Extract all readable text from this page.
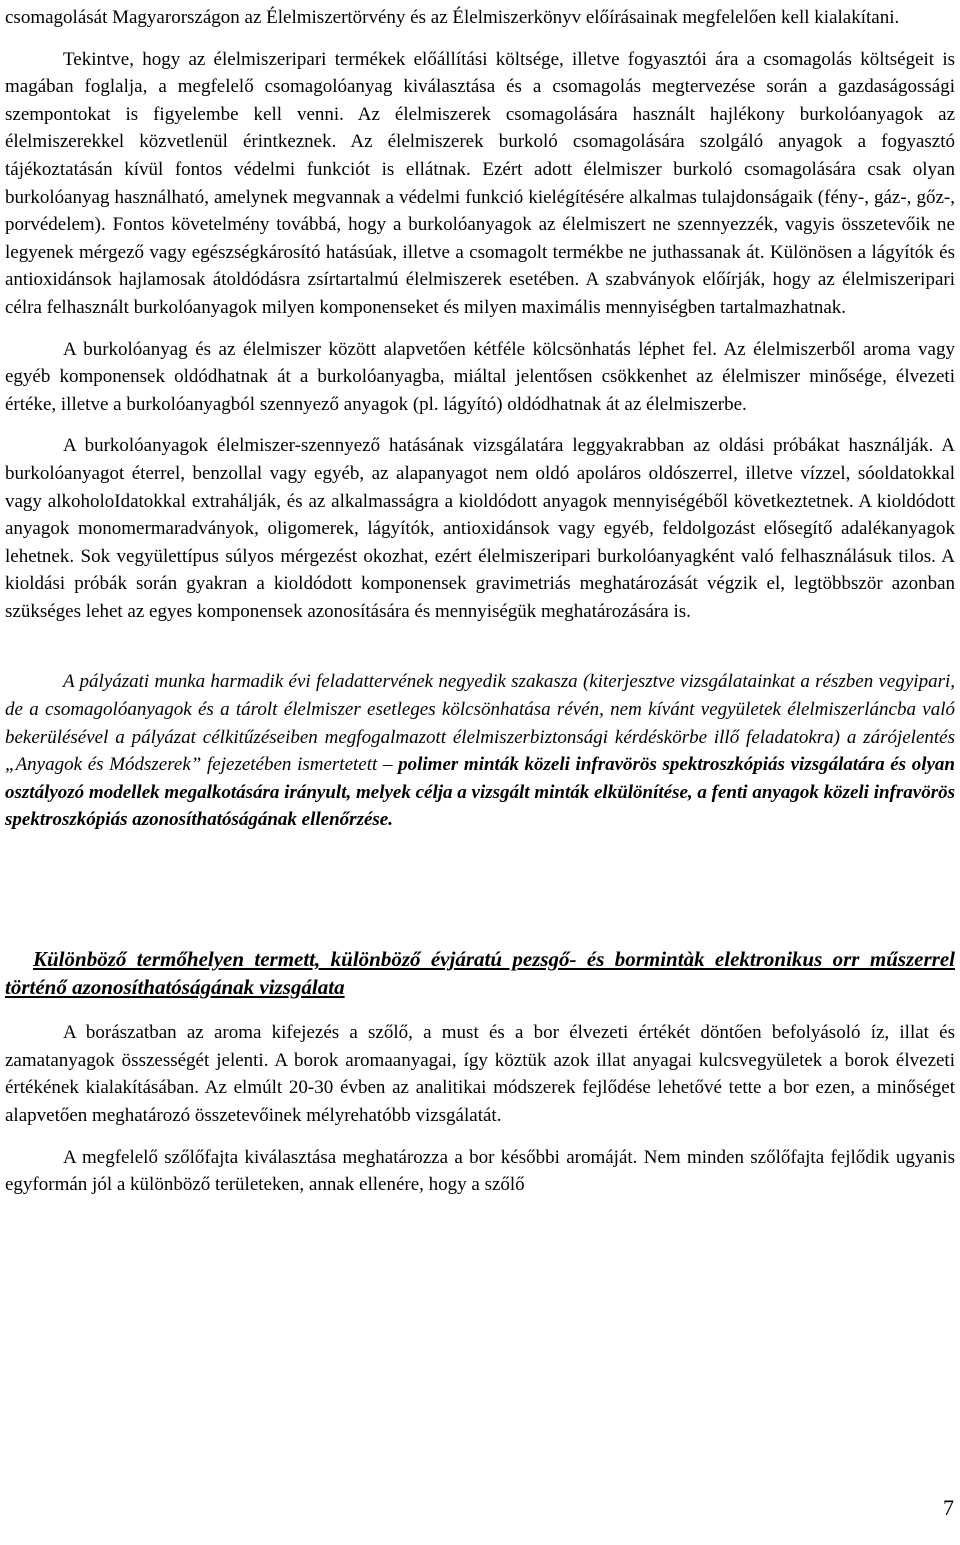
csomagolását Magyarországon az Élelmiszertörvény és az Élelmiszerkönyv előírásainak megfelelően kell kialakítani.

Tekintve, hogy az élelmiszeripari termékek előállítási költsége, illetve fogyasztói ára a csomagolás költségeit is magában foglalja, a megfelelő csomagolóanyag kiválasztása és a csomagolás megtervezése során a gazdaságossági szempontokat is figyelembe kell venni. Az élelmiszerek csomagolására használt hajlékony burkolóanyagok az élelmiszerekkel közvetlenül érintkeznek. Az élelmiszerek burkoló csomagolására szolgáló anyagok a fogyasztó tájékoztatásán kívül fontos védelmi funkciót is ellátnak. Ezért adott élelmiszer burkoló csomagolására csak olyan burkolóanyag használható, amelynek megvannak a védelmi funkció kielégítésére alkalmas tulajdonságaik (fény-, gáz-, gőz-, porvédelem). Fontos követelmény továbbá, hogy a burkolóanyagok az élelmiszert ne szennyezzék, vagyis összetevőik ne legyenek mérgező vagy egészségkárosító hatásúak, illetve a csomagolt termékbe ne juthassanak át. Különösen a lágyítók és antioxidánsok hajlamosak átoldódásra zsírtartalmú élelmiszerek esetében. A szabványok előírják, hogy az élelmiszeripari célra felhasznált burkolóanyagok milyen komponenseket és milyen maximális mennyiségben tartalmazhatnak.

A burkolóanyag és az élelmiszer között alapvetően kétféle kölcsönhatás léphet fel. Az élelmiszerből aroma vagy egyéb komponensek oldódhatnak át a burkolóanyagba, miáltal jelentősen csökkenhet az élelmiszer minősége, élvezeti értéke, illetve a burkolóanyagból szennyező anyagok (pl. lágyító) oldódhatnak át az élelmiszerbe.

A burkolóanyagok élelmiszer-szennyező hatásának vizsgálatára leggyakrabban az oldási próbákat használják. A burkolóanyagot éterrel, benzollal vagy egyéb, az alapanyagot nem oldó apoláros oldószerrel, illetve vízzel, sóoldatokkal vagy alkoholoIdatokkal extrahálják, és az alkalmasságra a kioldódott anyagok mennyiségéből következtetnek. A kioldódott anyagok monomermaradványok, oligomerek, lágyítók, antioxidánsok vagy egyéb, feldolgozást elősegítő adalékanyagok lehetnek. Sok vegyülettípus súlyos mérgezést okozhat, ezért élelmiszeripari burkolóanyagként való felhasználásuk tilos. A kioldási próbák során gyakran a kioldódott komponensek gravimetriás meghatározását végzik el, legtöbbször azonban szükséges lehet az egyes komponensek azonosítására és mennyiségük meghatározására is.

A pályázati munka harmadik évi feladattervének negyedik szakasza (kiterjesztve vizsgálatainkat a részben vegyipari, de a csomagolóanyagok és a tárolt élelmiszer esetleges kölcsönhatása révén, nem kívánt vegyületek élelmiszerláncba való bekerülésével a pályázat célkitűzéseiben megfogalmazott élelmiszerbiztonsági kérdéskörbe illő feladatokra) a zárójelentés „Anyagok és Módszerek” fejezetében ismertetett – polimer minták közeli infravörös spektroszkópiás vizsgálatára és olyan osztályozó modellek megalkotására irányult, melyek célja a vizsgált minták elkülönítése, a fenti anyagok közeli infravörös spektroszkópiás azonosíthatóságának ellenőrzése.

Különböző termőhelyen termett, különböző évjáratú pezsgő- és bormintàk elektronikus orr műszerrel történő azonosíthatóságának vizsgálata

A borászatban az aroma kifejezés a szőlő, a must és a bor élvezeti értékét döntően befolyásoló íz, illat és zamatanyagok összességét jelenti. A borok aromaanyagai, így köztük azok illat anyagai kulcsvegyületek a borok élvezeti értékének kialakításában. Az elmúlt 20-30 évben az analitikai módszerek fejlődése lehetővé tette a bor ezen, a minőséget alapvetően meghatározó összetevőinek mélyrehatóbb vizsgálatát.

A megfelelő szőlőfajta kiválasztása meghatározza a bor későbbi aromáját. Nem minden szőlőfajta fejlődik ugyanis egyformán jól a különböző területeken, annak ellenére, hogy a szőlő

7
